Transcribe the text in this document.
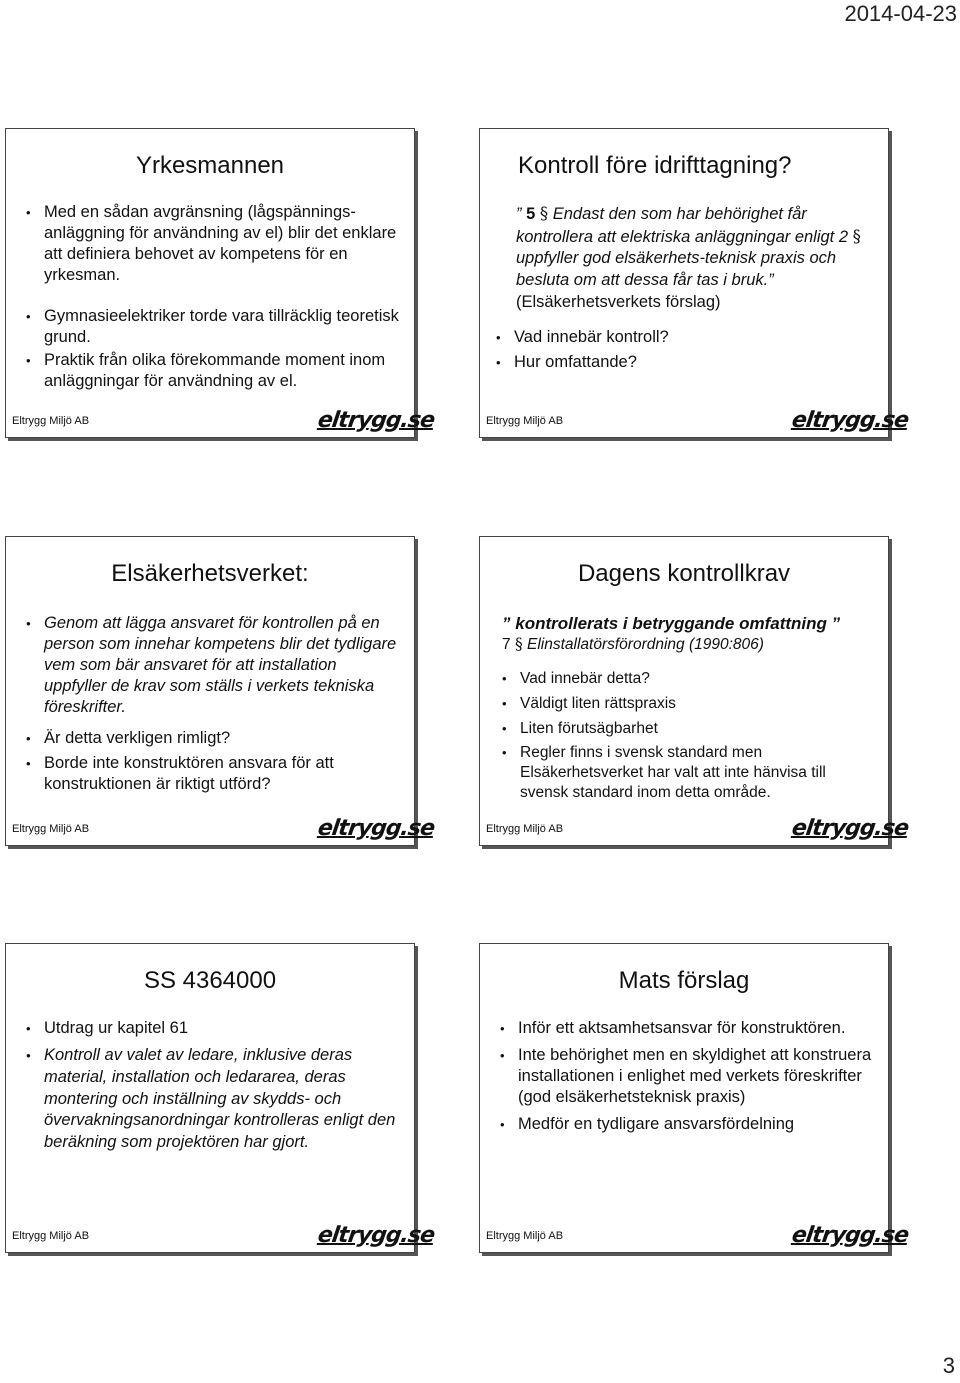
2014-04-23
Yrkesmannen
• Med en sådan avgränsning (lågspännings-anläggning för användning av el) blir det enklare att definiera behovet av kompetens för en yrkesman.
• Gymnasieelektriker torde vara tillräcklig teoretisk grund.
• Praktik från olika förekommande moment inom anläggningar för användning av el.
Eltrygg Miljö AB	eltrygg.se
Kontroll före idrifttagning?

” 5 § Endast den som har behörighet får kontrollera att elektriska anläggningar enligt 2 § uppfyller god elsäkerhets-teknisk praxis och besluta om att dessa får tas i bruk.”

(Elsäkerhetsverkets förslag)

• Vad innebär kontroll?
• Hur omfattande?
Eltrygg Miljö AB	eltrygg.se
Elsäkerhetsverket:
• Genom att lägga ansvaret för kontrollen på en person som innehar kompetens blir det tydligare vem som bär ansvaret för att installation uppfyller de krav som ställs i verkets tekniska föreskrifter.
• Är detta verkligen rimligt?
• Borde inte konstruktören ansvara för att konstruktionen är riktigt utförd?
Eltrygg Miljö AB	eltrygg.se
Dagens kontrollkrav

” kontrollerats i betryggande omfattning ”

7 § Elinstallatörsförordning (1990:806)

• Vad innebär detta?
• Väldigt liten rättspraxis
• Liten förutsägbarhet
• Regler finns i svensk standard men Elsäkerhetsverket har valt att inte hänvisa till svensk standard inom detta område.
Eltrygg Miljö AB	eltrygg.se
SS 4364000
• Utdrag ur kapitel 61
• Kontroll av valet av ledare, inklusive deras material, installation och ledararea, deras montering och inställning av skydds- och övervakningsanordningar kontrolleras enligt den beräkning som projektören har gjort.
Eltrygg Miljö AB	eltrygg.se
Mats förslag
• Inför ett aktsamhetsansvar för konstruktören.
• Inte behörighet men en skyldighet att konstruera installationen i enlighet med verkets föreskrifter
(god elsäkerhetsteknisk praxis)
• Medför en tydligare ansvarsfördelning
Eltrygg Miljö AB	eltrygg.se
3
